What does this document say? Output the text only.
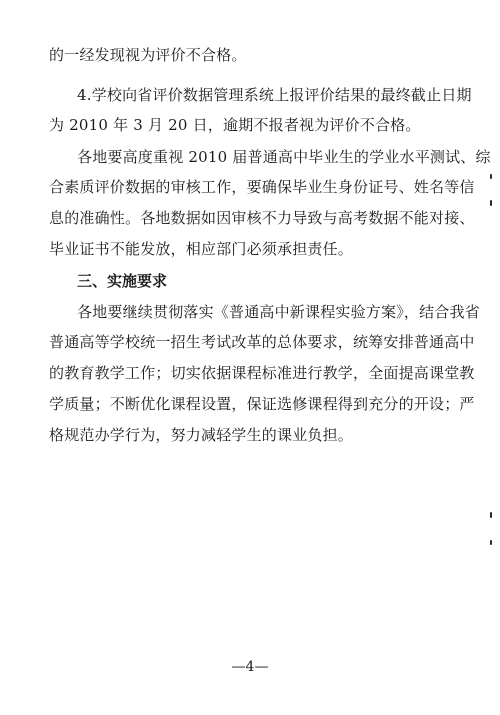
的一经发现视为评价不合格。
4.学校向省评价数据管理系统上报评价结果的最终截止日期
为 2010 年 3 月 20 日，逾期不报者视为评价不合格。
各地要高度重视 2010 届普通高中毕业生的学业水平测试、综
合素质评价数据的审核工作，要确保毕业生身份证号、姓名等信
息的准确性。各地数据如因审核不力导致与高考数据不能对接、
毕业证书不能发放，相应部门必须承担责任。
三、实施要求
各地要继续贯彻落实《普通高中新课程实验方案》，结合我省
普通高等学校统一招生考试改革的总体要求，统筹安排普通高中
的教育教学工作；切实依据课程标准进行教学，全面提高课堂教
学质量；不断优化课程设置，保证选修课程得到充分的开设；严
格规范办学行为，努力减轻学生的课业负担。
—4—
